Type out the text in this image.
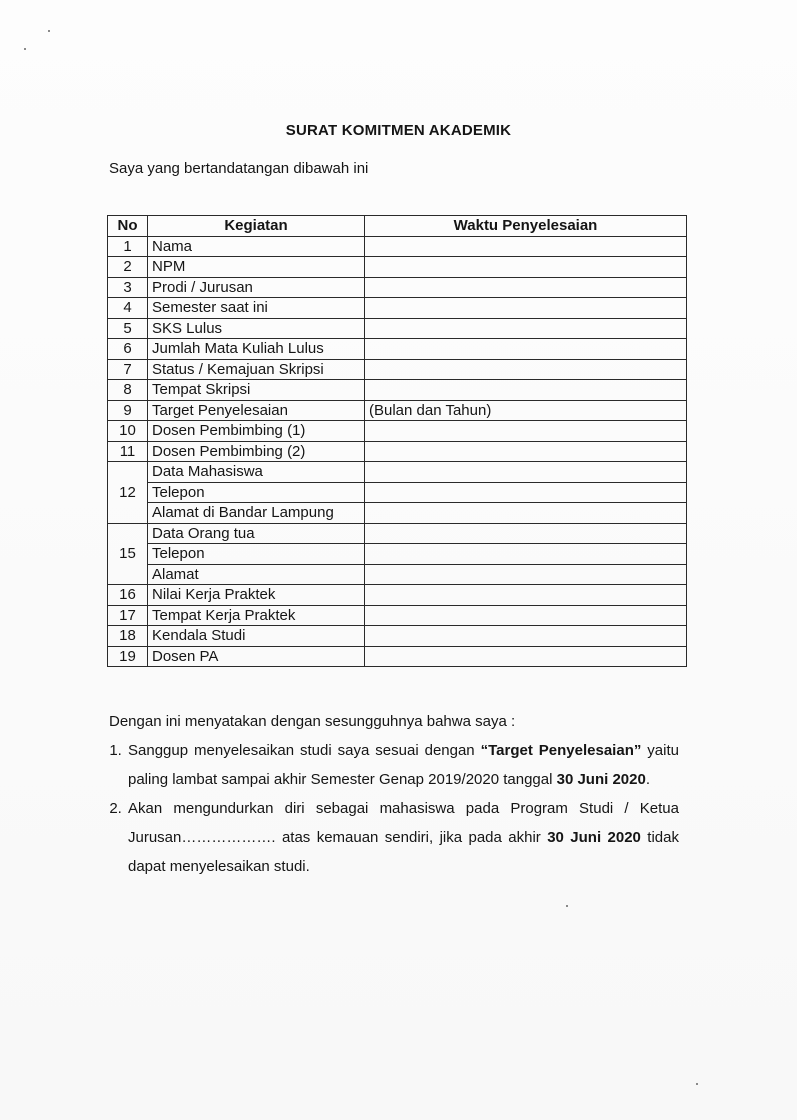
SURAT KOMITMEN AKADEMIK
Saya yang bertandatangan dibawah ini
No	Kegiatan	Waktu Penyelesaian
1	Nama	
2	NPM	
3	Prodi / Jurusan	
4	Semester saat ini	
5	SKS Lulus	
6	Jumlah Mata Kuliah Lulus	
7	Status / Kemajuan Skripsi	
8	Tempat Skripsi	
9	Target Penyelesaian	(Bulan dan Tahun)
10	Dosen Pembimbing (1)	
11	Dosen Pembimbing (2)	
12	Data Mahasiswa	
	Telepon	
	Alamat di Bandar Lampung	
15	Data Orang tua	
	Telepon	
	Alamat	
16	Nilai Kerja Praktek	
17	Tempat Kerja Praktek	
18	Kendala Studi	
19	Dosen PA	

Dengan ini menyatakan dengan sesungguhnya bahwa saya :

1. Sanggup menyelesaikan studi saya sesuai dengan “Target Penyelesaian” yaitu paling lambat sampai akhir Semester Genap 2019/2020 tanggal 30 Juni 2020.
2. Akan mengundurkan diri sebagai mahasiswa pada Program Studi / Ketua Jurusan………………. atas kemauan sendiri, jika pada akhir 30 Juni 2020 tidak dapat menyelesaikan studi.
